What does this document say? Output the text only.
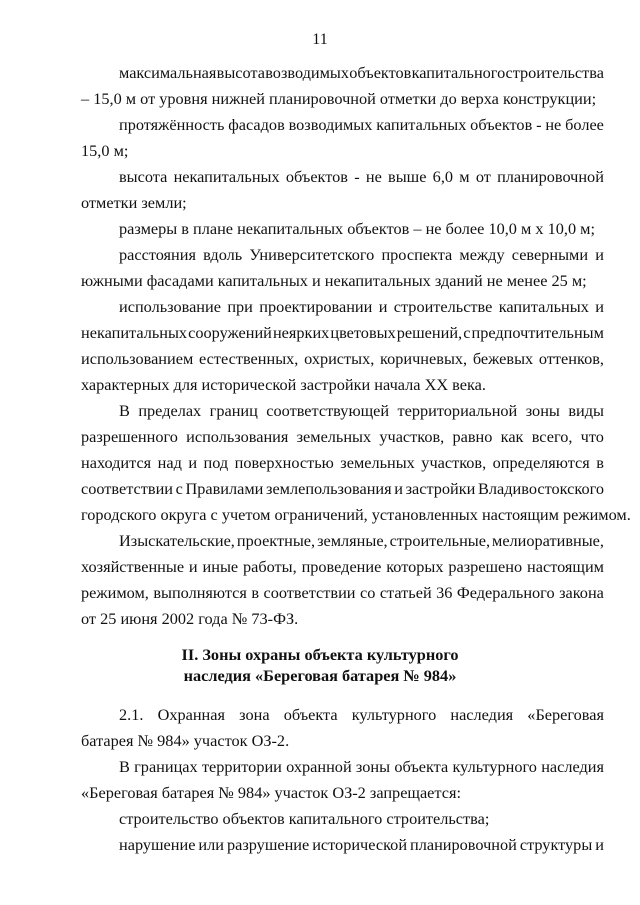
11
максимальная высота возводимых объектов капитального строительства
– 15,0 м от уровня нижней планировочной отметки до верха конструкции;
протяжённость фасадов возводимых капитальных объектов - не более
15,0 м;
высота некапитальных объектов - не выше 6,0 м от планировочной
отметки земли;
размеры в плане некапитальных объектов – не более 10,0 м х 10,0 м;
расстояния вдоль Университетского проспекта между северными и
южными фасадами капитальных и некапитальных зданий не менее 25 м;
использование при проектировании и строительстве капитальных и
некапитальных сооружений неярких цветовых решений, с предпочтительным
использованием естественных, охристых, коричневых, бежевых оттенков,
характерных для исторической застройки начала XX века.
В пределах границ соответствующей территориальной зоны виды
разрешенного использования земельных участков, равно как всего, что
находится над и под поверхностью земельных участков, определяются в
соответствии с Правилами землепользования и застройки Владивостокского
городского округа с учетом ограничений, установленных настоящим режимом.
Изыскательские, проектные, земляные, строительные, мелиоративные,
хозяйственные и иные работы, проведение которых разрешено настоящим
режимом, выполняются в соответствии со статьей 36 Федерального закона
от 25 июня 2002 года № 73-ФЗ.
II. Зоны охраны объекта культурного
наследия «Береговая батарея № 984»
2.1. Охранная зона объекта культурного наследия «Береговая
батарея № 984» участок ОЗ-2.
В границах территории охранной зоны объекта культурного наследия
«Береговая батарея № 984» участок ОЗ-2 запрещается:
строительство объектов капитального строительства;
нарушение или разрушение исторической планировочной структуры и
